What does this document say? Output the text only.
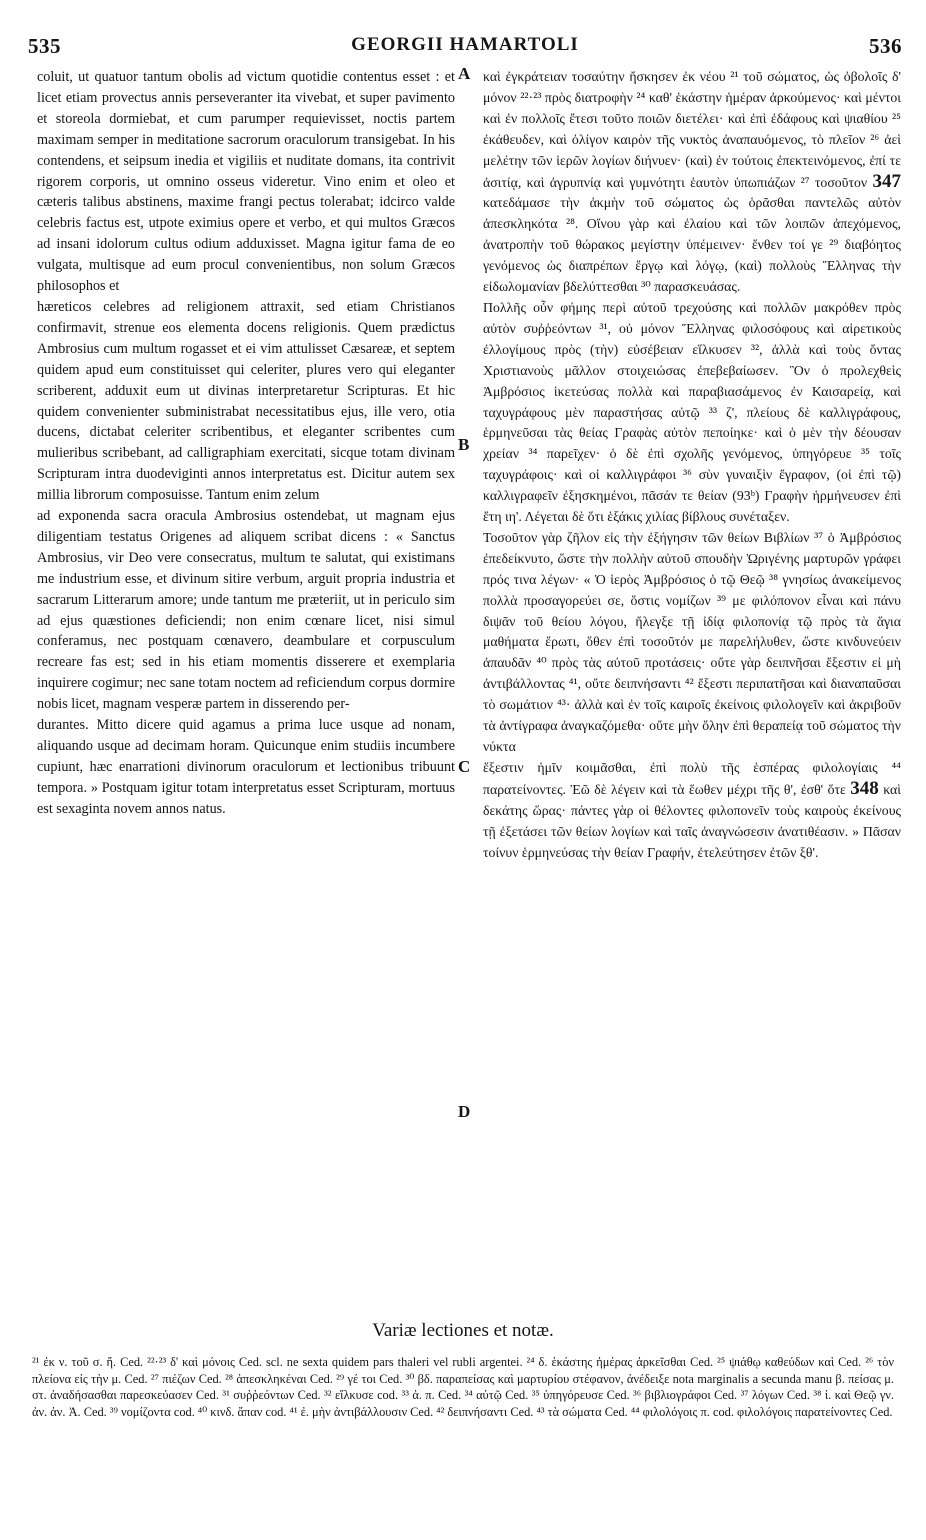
GEORGII HAMARTOLI
535	536

coluit, ut quatuor tantum obolis ad victum quotidie contentus esset : et licet etiam provectus annis perseveranter ita vivebat, et super pavimento et storeola dormiebat, et cum parumper requievisset, noctis partem maximam semper in meditatione sacrorum oraculorum transigebat. In his contendens, et seipsum inedia et vigiliis et nuditate domans, ita contrivit rigorem corporis, ut omnino osseus videretur. Vino enim et oleo et cæteris talibus abstinens, maxime frangi pectus tolerabat; idcirco valde celebris factus est, utpote eximius opere et verbo, et qui multos Græcos ad insani idolorum cultus odium adduxisset. Magna igitur fama de eo vulgata, multisque ad eum procul convenientibus, non solum Græcos philosophos et

hæreticos celebres ad religionem attraxit, sed etiam Christianos confirmavit, strenue eos elementa docens religionis. Quem prædictus Ambrosius cum multum rogasset et ei vim attulisset Cæsareæ, et septem quidem apud eum constituisset qui celeriter, plures vero qui eleganter scriberent, adduxit eum ut divinas interpretaretur Scripturas. Et hic quidem convenienter subministrabat necessitatibus ejus, ille vero, otia ducens, dictabat celeriter scribentibus, et eleganter scribentes cum mulieribus scribebant, ad calligraphiam exercitati, sicque totam divinam Scripturam intra duodeviginti annos interpretatus est. Dicitur autem sex millia librorum composuisse. Tantum enim zelum

ad exponenda sacra oracula Ambrosius ostendebat, ut magnam ejus diligentiam testatus Origenes ad aliquem scribat dicens : « Sanctus Ambrosius, vir Deo vere consecratus, multum te salutat, qui existimans me industrium esse, et divinum sitire verbum, arguit propria industria et sacrarum Litterarum amore; unde tantum me præteriit, ut in periculo sim ad ejus quæstiones deficiendi; non enim cœnare licet, nisi simul conferamus, nec postquam cœnavero, deambulare et corpusculum recreare fas est; sed in his etiam momentis disserere et exemplaria inquirere cogimur; nec sane totam noctem ad reficiendum corpus dormire nobis licet, magnam vesperæ partem in disserendo per-

durantes. Mitto dicere quid agamus a prima luce usque ad nonam, aliquando usque ad decimam horam. Quicunque enim studiis incumbere cupiunt, hæc enarrationi divinorum oraculorum et lectionibus tribuunt tempora. » Postquam igitur totam interpretatus esset Scripturam, mortuus est sexaginta novem annos natus.

A
B
C
D

καὶ ἐγκράτειαν τοσαύτην ἤσκησεν ἐκ νέου ²¹ τοῦ σώματος, ὡς ὀβολοῖς δ' μόνον ²²·²³ πρὸς διατροφὴν ²⁴ καθ' ἑκάστην ἡμέραν ἀρκούμενος· καὶ μέντοι καὶ ἐν πολλοῖς ἔτεσι τοῦτο ποιῶν διετέλει· καὶ ἐπὶ ἐδάφους καὶ ψιαθίου ²⁵ ἐκάθευδεν, καὶ ὀλίγον καιρὸν τῆς νυκτὸς ἀναπαυόμενος, τὸ πλεῖον ²⁶ ἀεὶ μελέτην τῶν ἱερῶν λογίων διήνυεν· (καὶ) ἐν τούτοις ἐπεκτεινόμενος, ἐπί τε ἀσιτίᾳ, καὶ ἀγρυπνίᾳ καὶ γυμνότητι ἑαυτὸν ὑπωπιάζων ²⁷ τοσοῦτον 347 κατεδάμασε τὴν ἀκμὴν τοῦ σώματος ὡς ὁρᾶσθαι παντελῶς αὐτὸν ἀπεσκληκότα ²⁸. Οἴνου γὰρ καὶ ἐλαίου καὶ τῶν λοιπῶν ἀπεχόμενος, ἀνατροπὴν τοῦ θώρακος μεγίστην ὑπέμεινεν· ἔνθεν τοί γε ²⁹ διαβόητος γενόμενος ὡς διαπρέπων ἔργῳ καὶ λόγῳ, (καὶ) πολλοὺς Ἕλληνας τὴν εἰδωλομανίαν βδελύττεσθαι ³⁰ παρασκευάσας.

Πολλῆς οὖν φήμης περὶ αὐτοῦ τρεχούσης καὶ πολλῶν μακρόθεν πρὸς αὐτὸν συῤῥεόντων ³¹, οὐ μόνον Ἕλληνας φιλοσόφους καὶ αἱρετικοὺς ἐλλογίμους πρὸς (τὴν) εὐσέβειαν εἵλκυσεν ³², ἀλλὰ καὶ τοὺς ὄντας Χριστιανοὺς μᾶλλον στοιχειώσας ἐπεβεβαίωσεν. Ὃν ὁ προλεχθεὶς Ἀμβρόσιος ἱκετεύσας πολλὰ καὶ παραβιασάμενος ἐν Καισαρείᾳ, καὶ ταχυγράφους μὲν παραστήσας αὐτῷ ³³ ζ', πλείους δὲ καλλιγράφους, ἑρμηνεῦσαι τὰς θείας Γραφὰς αὐτὸν πεποίηκε· καὶ ὁ μὲν τὴν δέουσαν χρείαν ³⁴ παρεῖχεν· ὁ δὲ ἐπὶ σχολῆς γενόμενος, ὑπηγόρευε ³⁵ τοῖς ταχυγράφοις· καὶ οἱ καλλιγράφοι ³⁶ σὺν γυναιξὶν ἔγραφον, (οἱ ἐπὶ τῷ) καλλιγραφεῖν ἐξησκημένοι, πᾶσάν τε θείαν (93ᵇ) Γραφὴν ἡρμήνευσεν ἐπὶ ἔτη ιη'. Λέγεται δὲ ὅτι ἑξάκις χιλίας βίβλους συνέταξεν.

Τοσοῦτον γὰρ ζῆλον εἰς τὴν ἐξήγησιν τῶν θείων Βιβλίων ³⁷ ὁ Ἀμβρόσιος ἐπεδείκνυτο, ὥστε τὴν πολλὴν αὐτοῦ σπουδὴν Ὠριγένης μαρτυρῶν γράφει πρός τινα λέγων· « Ὁ ἱερὸς Ἀμβρόσιος ὁ τῷ Θεῷ ³⁸ γνησίως ἀνακείμενος πολλὰ προσαγορεύει σε, ὅστις νομίζων ³⁹ με φιλόπονον εἶναι καὶ πάνυ διψᾶν τοῦ θείου λόγου, ἤλεγξε τῇ ἰδίᾳ φιλοπονίᾳ τῷ πρὸς τὰ ἅγια μαθήματα ἔρωτι, ὅθεν ἐπὶ τοσοῦτόν με παρελήλυθεν, ὥστε κινδυνεύειν ἀπαυδᾶν ⁴⁰ πρὸς τὰς αὐτοῦ προτάσεις· οὔτε γὰρ δειπνῆσαι ἔξεστιν εἰ μὴ ἀντιβάλλοντας ⁴¹, οὔτε δειπνήσαντι ⁴² ἔξεστι περιπατῆσαι καὶ διαναπαῦσαι τὸ σωμάτιον ⁴³· ἀλλὰ καὶ ἐν τοῖς καιροῖς ἐκείνοις φιλολογεῖν καὶ ἀκριβοῦν τὰ ἀντίγραφα ἀναγκαζόμεθα· οὔτε μὴν ὅλην ἐπὶ θεραπείᾳ τοῦ σώματος τὴν νύκτα

ἔξεστιν ἡμῖν κοιμᾶσθαι, ἐπὶ πολὺ τῆς ἑσπέρας φιλολογίαις ⁴⁴ παρατείνοντες. Ἐῶ δὲ λέγειν καὶ τὰ ἕωθεν μέχρι τῆς θ', ἐσθ' ὅτε 348 καὶ δεκάτης ὥρας· πάντες γὰρ οἱ θέλοντες φιλοπονεῖν τοὺς καιροὺς ἐκείνους τῇ ἐξετάσει τῶν θείων λογίων καὶ ταῖς ἀναγνώσεσιν ἀνατιθέασιν. » Πᾶσαν τοίνυν ἑρμηνεύσας τὴν θείαν Γραφήν, ἐτελεύτησεν ἐτῶν ξθ'.

Variæ lectiones et notæ.

²¹ ἐκ ν. τοῦ σ. ἤ. Ced. ²²·²³ δ' καὶ μόνοις Ced. scl. ne sexta quidem pars thaleri vel rubli argentei. ²⁴ δ. ἑκάστης ἡμέρας ἀρκεῖσθαι Ced. ²⁵ ψιάθῳ καθεύδων καὶ Ced. ²⁶ τὸν πλείονα εἰς τὴν μ. Ced. ²⁷ πιέζων Ced. ²⁸ ἀπεσκληκέναι Ced. ²⁹ γέ τοι Ced. ³⁰ βδ. παραπείσας καὶ μαρτυρίου στέφανον, ἀνέδειξε nota marginalis a secunda manu β. πείσας μ. στ. ἀναδήσασθαι παρεσκεύασεν Ced. ³¹ συῤῥεόντων Ced. ³² εἵλκυσε cod. ³³ ἀ. π. Ced. ³⁴ αὐτῷ Ced. ³⁵ ὑπηγόρευσε Ced. ³⁶ βιβλιογράφοι Ced. ³⁷ λόγων Ced. ³⁸ ἱ. καὶ Θεῷ γν. ἀν. ἀν. Ἀ. Ced. ³⁹ νομίζοντα cod. ⁴⁰ κινδ. ἄπαν cod. ⁴¹ ἐ. μὴν ἀντιβάλλουσιν Ced. ⁴² δειπνήσαντι Ced. ⁴³ τὰ σώματα Ced. ⁴⁴ φιλολόγοις π. cod. φιλολόγοις παρατείνοντες Ced.
